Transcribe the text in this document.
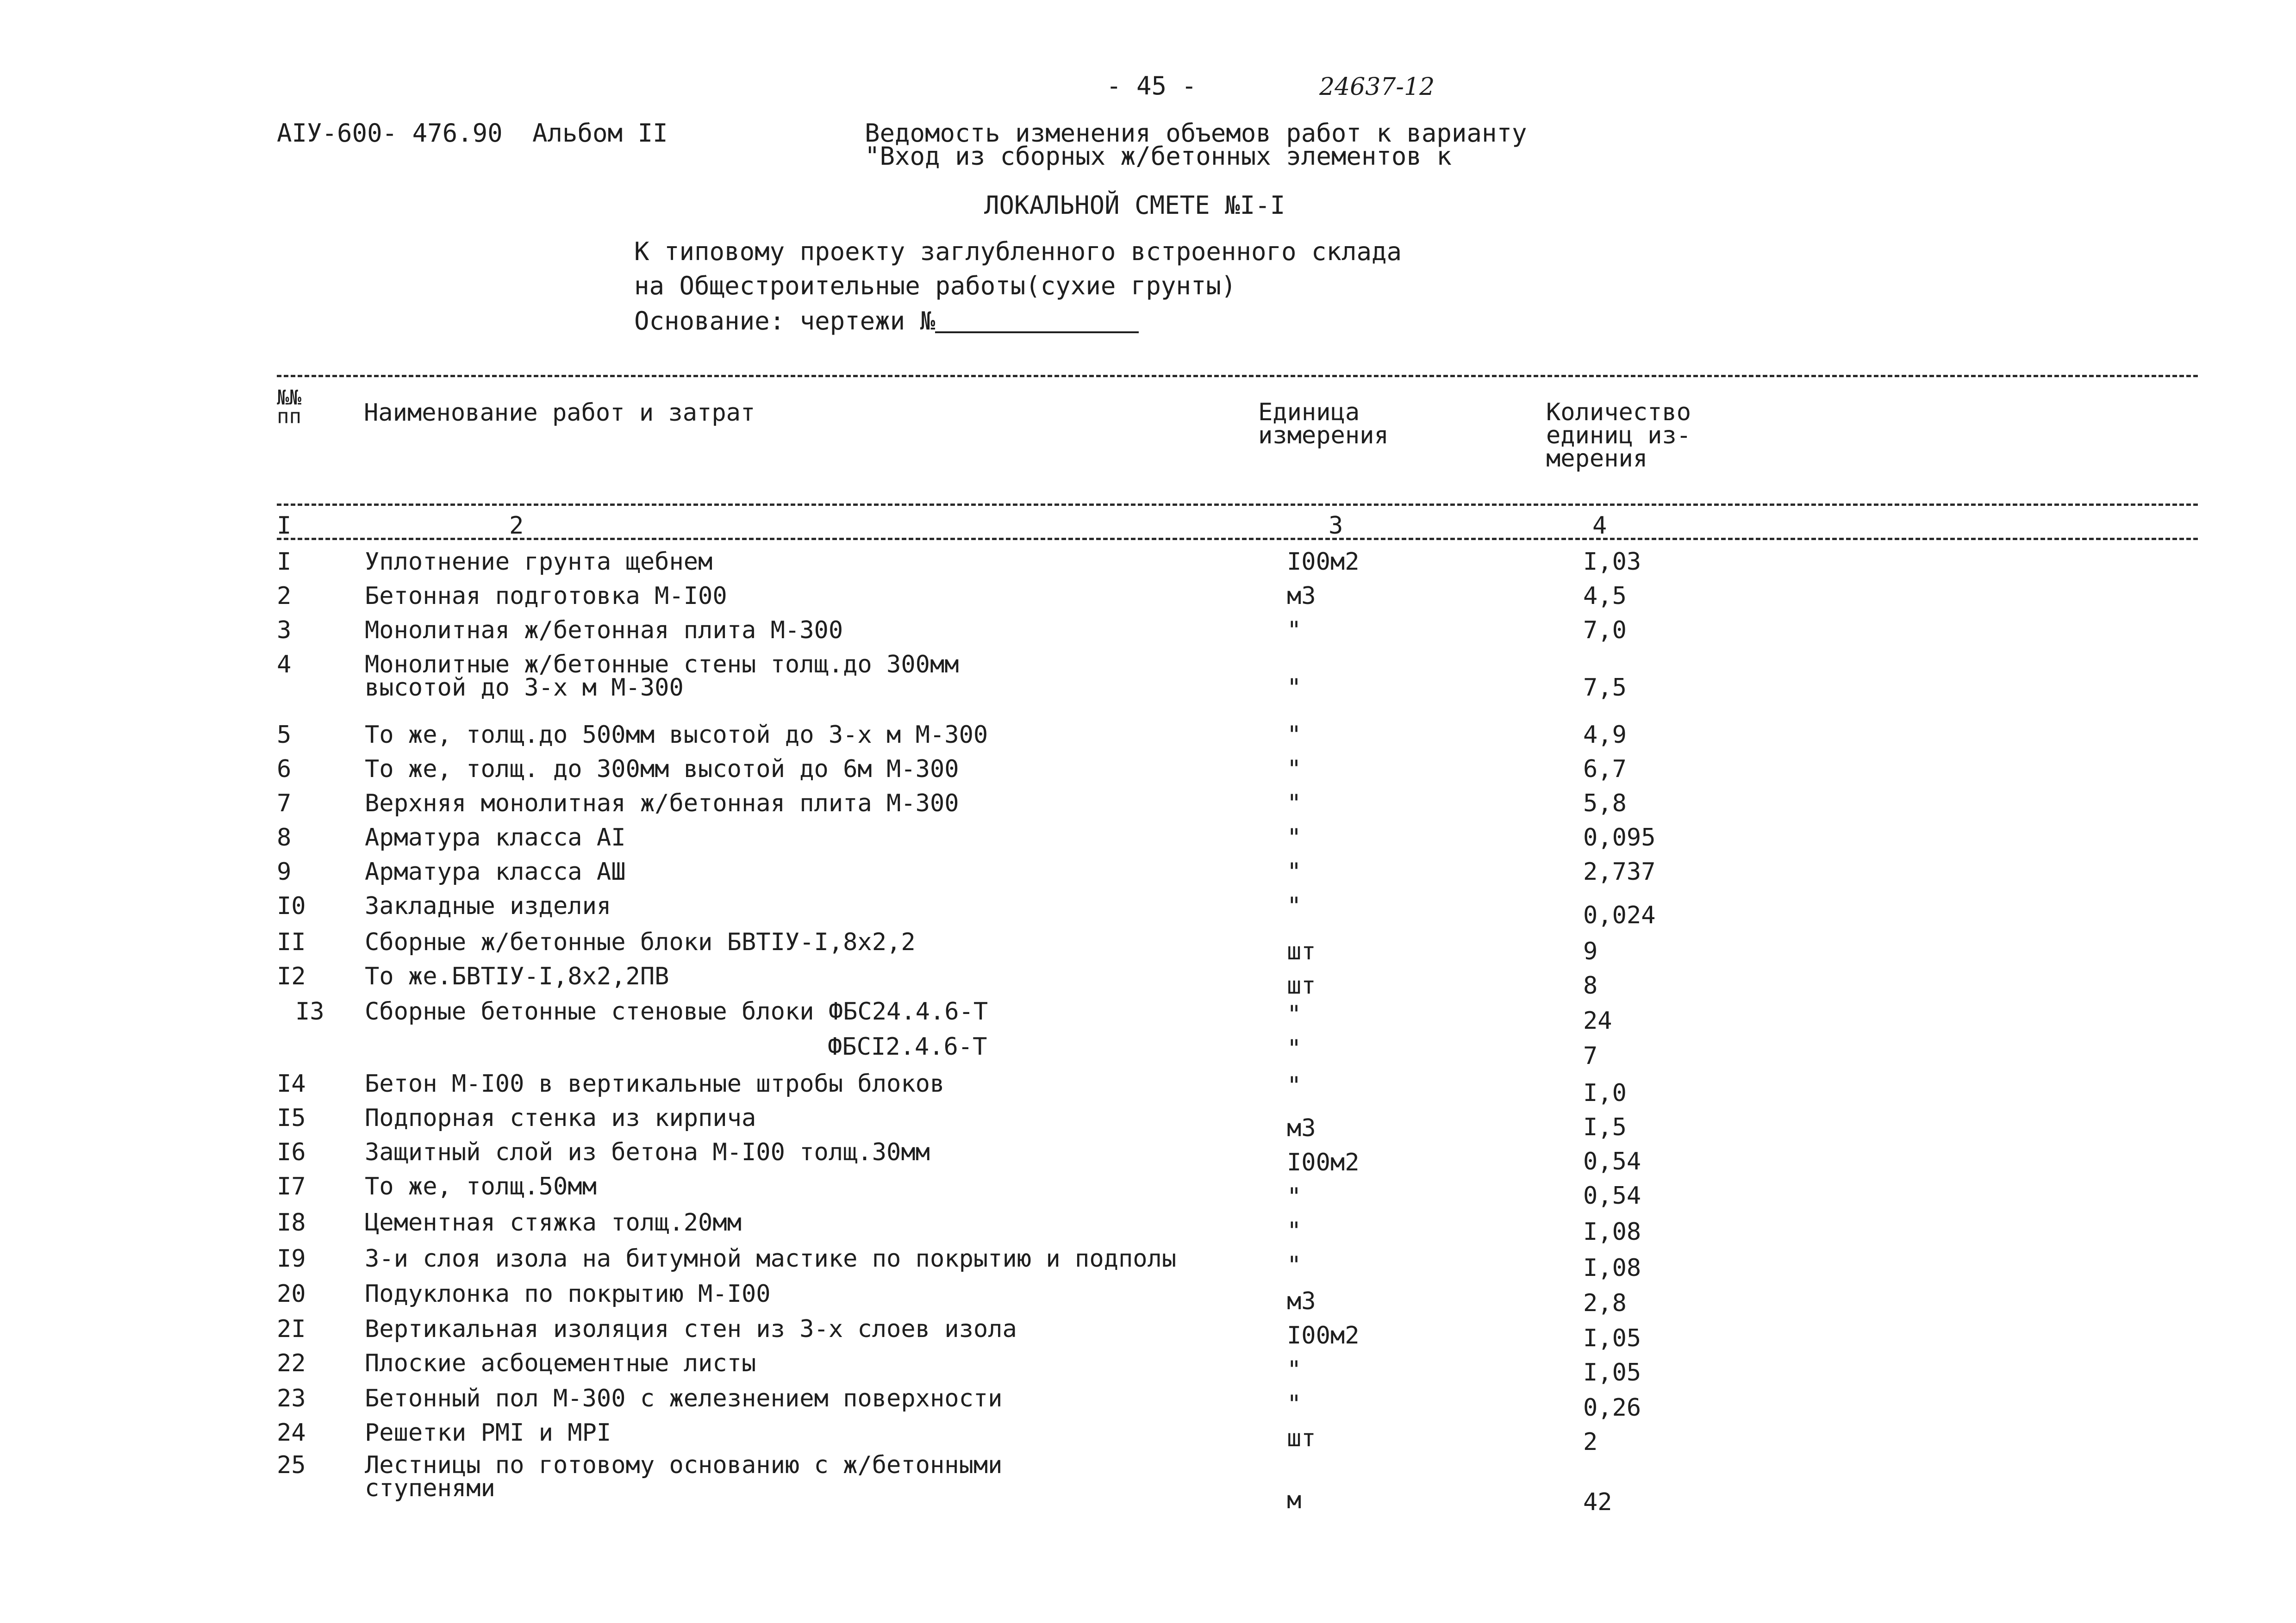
- 45 -	24637-12
АIУ-600- 476.90 Альбом II	Ведомость изменения объемов работ к варианту
"Вход из сборных ж/бетонных элементов к
ЛОКАЛЬНОЙ СМЕТЕ №I-I
К типовому проекту заглубленного встроенного склада
на Общестроительные работы(сухие грунты)
Основание: чертежи №
№№
пп	Наименование работ и затрат	Единица
измерения
Количество
единиц из-
мерения
I	2	3	4
I	Уплотнение грунта щебнем	I00м2	I,03
2	Бетонная подготовка М-I00	м3	4,5
3	Монолитная ж/бетонная плита М-300	"	7,0
4	Монолитные ж/бетонные стены толщ.до 300мм
высотой до 3-х м М-300	"	7,5
5	То же, толщ.до 500мм высотой до 3-х м М-300	"	4,9
6	То же, толщ. до 300мм высотой до 6м М-300	"	6,7
7	Верхняя монолитная ж/бетонная плита М-300	"	5,8
8	Арматура класса АI	"	0,095
9	Арматура класса АШ	"	2,737
I0 Закладные изделия	"	0,024
II Сборные ж/бетонные блоки БВТIУ-I,8х2,2	шт	9
I2 То же.БВТIУ-I,8х2,2ПВ	шт	8
I3 Сборные бетонные стеновые блоки ФБС24.4.6-Т	"	24
ФБСI2.4.6-Т	"	7
I4 Бетон М-I00 в вертикальные штробы блоков	"	I,0
I5 Подпорная стенка из кирпича	м3	I,5
I6 Защитный слой из бетона М-I00 толщ.30мм	I00м2	0,54
I7 То же, толщ.50мм	"	0,54
I8 Цементная стяжка толщ.20мм	"	I,08
I9 3-и слоя изола на битумной мастике по покрытию и подполы	"	I,08
20 Подуклонка по покрытию М-I00	м3	2,8
2I Вертикальная изоляция стен из 3-х слоев изола	I00м2	I,05
22 Плоские асбоцементные листы	"	I,05
23 Бетонный пол М-300 с железнением поверхности	"	0,26
24 Решетки РМI и МРI	шт	2
25 Лестницы по готовому основанию с ж/бетонными
ступенями	м	42
